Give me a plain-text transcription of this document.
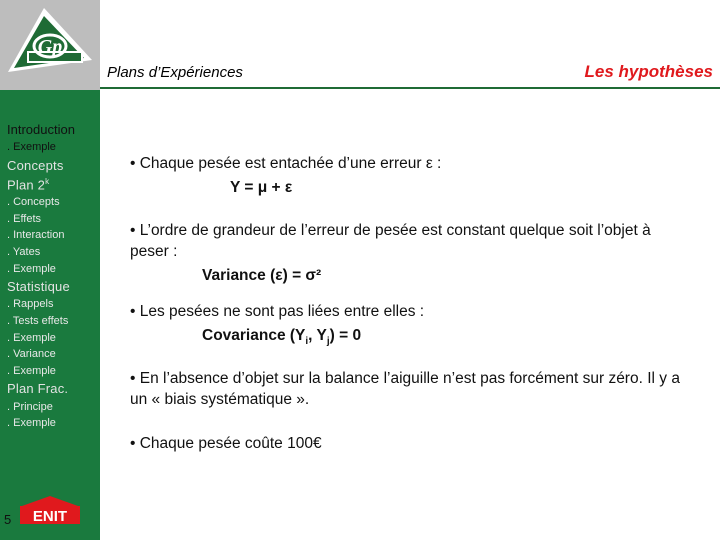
Gp
Plans d’Expériences	Les hypothèses
Introduction
. Exemple
Concepts
Plan 2$^k$
. Concepts
. Effets
. Interaction
. Yates
. Exemple
Statistique
. Rappels
. Tests effets
. Exemple
. Variance
. Exemple
Plan Frac.
. Principe
. Exemple
5 ENIT
• Chaque pesée est entachée d’une erreur ε :
Y = μ + ε
• L’ordre de grandeur de l’erreur de pesée est constant quelque soit l’objet à peser :
Variance (ε) = σ²
• Les pesées ne sont pas liées entre elles :
Covariance ($Y_i$, $Y_j) = 0$
• En l’absence d’objet sur la balance l’aiguille n’est pas forcément sur zéro. Il y a un « biais systématique ».
• Chaque pesée coûte 100€
